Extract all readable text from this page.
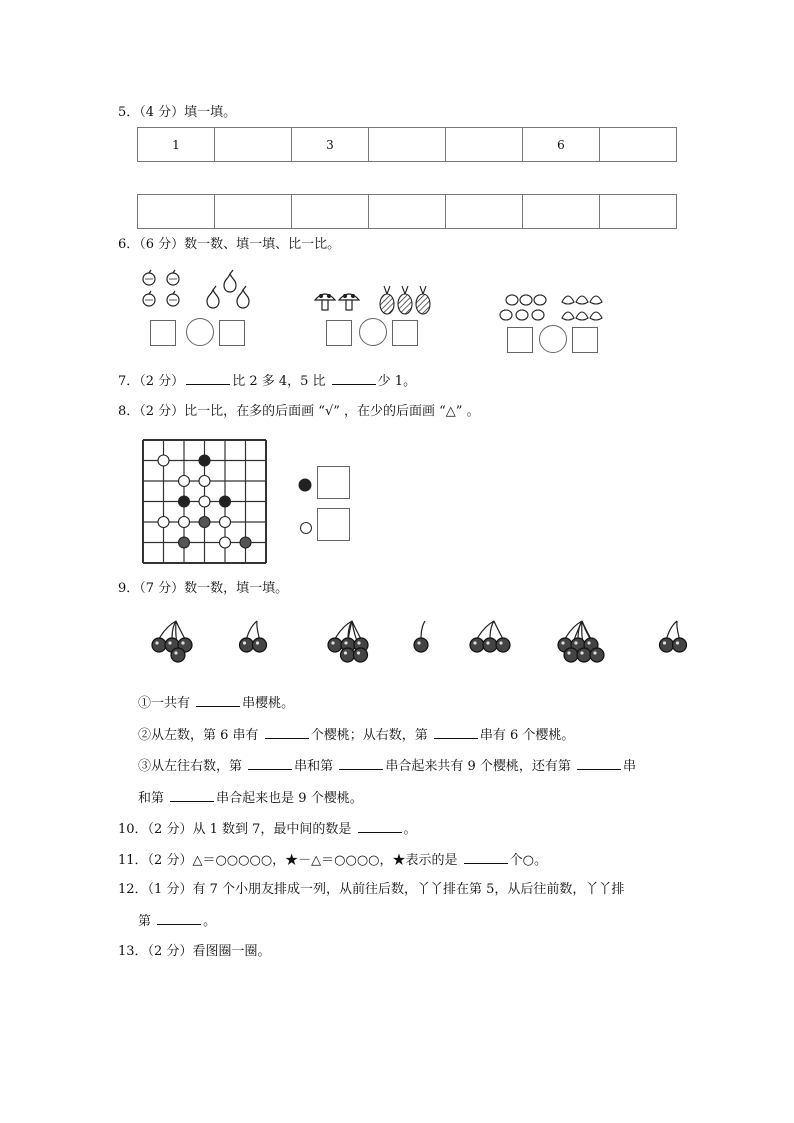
5．（4 分）填一填。
1		3			6	

6．（6 分）数一数、填一填、比一比。
7．（2 分）	比 2 多 4，5 比	少 1。
8．（2 分）比一比，在多的后面画 “√” ，在少的后面画 “△” 。
9．（7 分）数一数，填一填。
①一共有	串樱桃。
②从左数，第 6 串有	个樱桃；从右数，第	串有 6 个樱桃。
③从左往右数，第	串和第	串合起来共有 9 个樱桃，还有第	串
和第	串合起来也是 9 个樱桃。
10．（2 分）从 1 数到 7，最中间的数是	。
11．（2 分）△＝○○○○○，★－△＝○○○○，★表示的是	个○。
12．（1 分）有 7 个小朋友排成一列，从前往后数，丫丫排在第 5，从后往前数，丫丫排
第	。
13．（2 分）看图圈一圈。
